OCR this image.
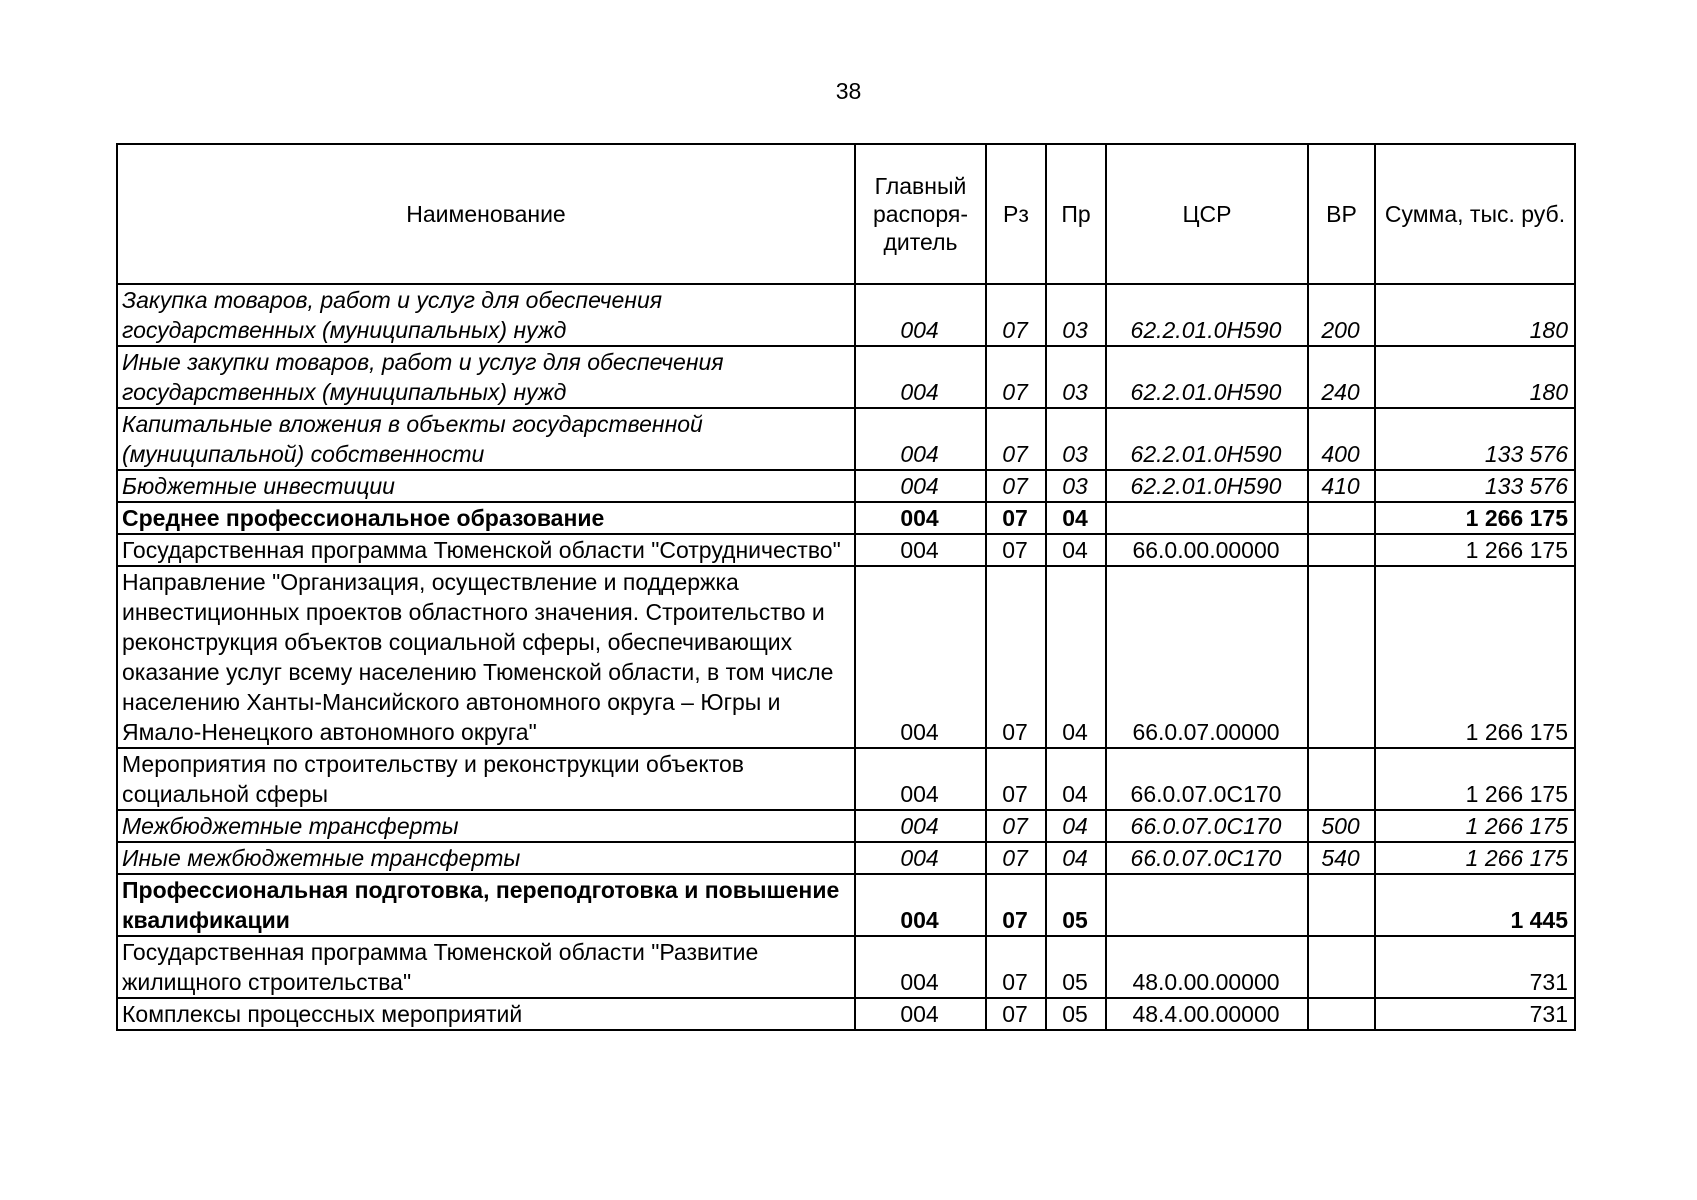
38
Наименование	Главный распоря-дитель	Рз	Пр	ЦСР	ВР	Сумма, тыс. руб.
Закупка товаров, работ и услуг для обеспечения государственных (муниципальных) нужд	004	07	03	62.2.01.0Н590	200	180
Иные закупки товаров, работ и услуг для обеспечения государственных (муниципальных) нужд	004	07	03	62.2.01.0Н590	240	180
Капитальные вложения в объекты государственной (муниципальной) собственности	004	07	03	62.2.01.0Н590	400	133 576
Бюджетные инвестиции	004	07	03	62.2.01.0Н590	410	133 576
Среднее профессиональное образование	004	07	04			1 266 175
Государственная программа Тюменской области "Сотрудничество"	004	07	04	66.0.00.00000		1 266 175
Направление "Организация, осуществление и поддержка инвестиционных проектов областного значения. Строительство и реконструкция объектов социальной сферы, обеспечивающих оказание услуг всему населению Тюменской области, в том числе населению Ханты-Мансийского автономного округа – Югры и Ямало-Ненецкого автономного округа"	004	07	04	66.0.07.00000		1 266 175
Мероприятия по строительству и реконструкции объектов социальной сферы	004	07	04	66.0.07.0С170		1 266 175
Межбюджетные трансферты	004	07	04	66.0.07.0С170	500	1 266 175
Иные межбюджетные трансферты	004	07	04	66.0.07.0С170	540	1 266 175
Профессиональная подготовка, переподготовка и повышение квалификации	004	07	05			1 445
Государственная программа Тюменской области "Развитие жилищного строительства"	004	07	05	48.0.00.00000		731
Комплексы процессных мероприятий	004	07	05	48.4.00.00000		731
